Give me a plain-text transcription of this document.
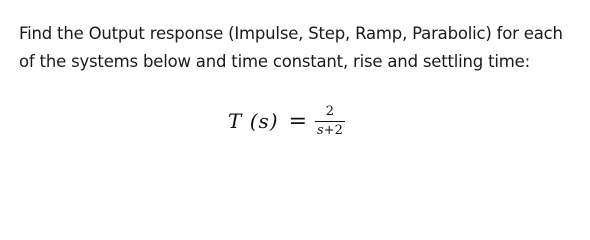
Find the Output response (Impulse, Step, Ramp, Parabolic) for each of the systems below and time constant, rise and settling time:

T $(s) = \frac{2}{s+2}$
